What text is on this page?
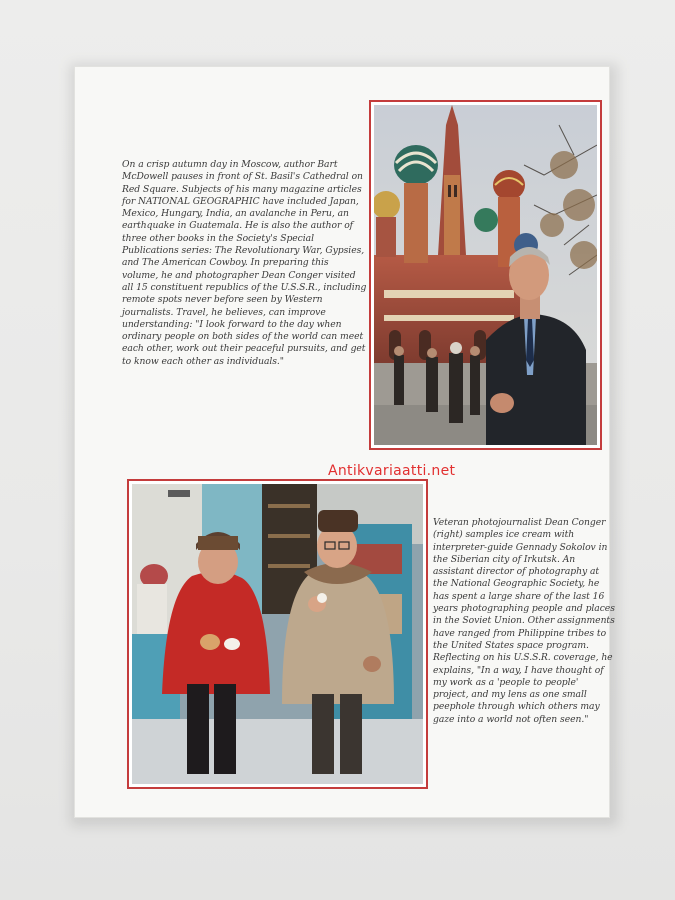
On a crisp autumn day in Moscow, author Bart McDowell pauses in front of St. Basil's Cathedral on Red Square. Subjects of his many magazine articles for NATIONAL GEOGRAPHIC have included Japan, Mexico, Hungary, India, an avalanche in Peru, an earthquake in Guatemala. He is also the author of three other books in the Society's Special Publications series: The Revolutionary War, Gypsies, and The American Cowboy. In preparing this volume, he and photographer Dean Conger visited all 15 constituent republics of the U.S.S.R., including remote spots never before seen by Western journalists. Travel, he believes, can improve understanding: "I look forward to the day when ordinary people on both sides of the world can meet each other, work out their peaceful pursuits, and get to know each other as individuals."
Antikvariaatti.net
Veteran photojournalist Dean Conger (right) samples ice cream with interpreter-guide Gennady Sokolov in the Siberian city of Irkutsk. An assistant director of photography at the National Geographic Society, he has spent a large share of the last 16 years photographing people and places in the Soviet Union. Other assignments have ranged from Philippine tribes to the United States space program. Reflecting on his U.S.S.R. coverage, he explains, "In a way, I have thought of my work as a 'people to people' project, and my lens as one small peephole through which others may gaze into a world not often seen."
